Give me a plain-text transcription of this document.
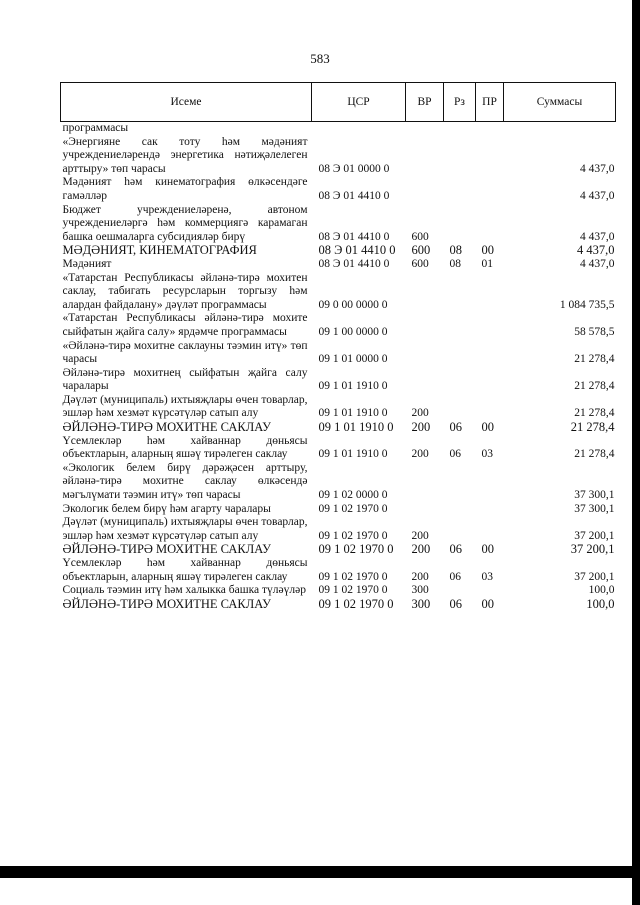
583
Исеме	ЦСР	ВР	Рз	ПР	Суммасы
программасы					
«Энергияне сак тоту һәм мәдәният учреждениеләрендә энергетика нәтиҗәлелеген арттыру» төп чарасы	08 Э 01 0000 0				4 437,0
Мәдәният һәм кинематография өлкәсендәге гамәлләр	08 Э 01 4410 0				4 437,0
Бюджет учреждениеләренә, автоном учреждениеләргә һәм коммерциягә карамаган башка оешмаларга субсидияләр бирү	08 Э 01 4410 0	600			4 437,0
МӘДӘНИЯТ, КИНЕМАТОГРАФИЯ	08 Э 01 4410 0	600	08	00	4 437,0
Мәдәният	08 Э 01 4410 0	600	08	01	4 437,0
«Татарстан Республикасы әйләнә-тирә мохитен саклау, табигать ресурсларын торгызу һәм алардан файдалану» дәүләт программасы	09 0 00 0000 0				1 084 735,5
«Татарстан Республикасы әйләнә-тирә мохите сыйфатын җайга салу» ярдәмче программасы	09 1 00 0000 0				58 578,5
«Әйләнә-тирә мохитне саклауны тәэмин итү» төп чарасы	09 1 01 0000 0				21 278,4
Әйләнә-тирә мохитнең сыйфатын җайга салу чаралары	09 1 01 1910 0				21 278,4
Дәүләт (муниципаль) ихтыяҗлары өчен товарлар, эшләр һәм хезмәт күрсәтүләр сатып алу	09 1 01 1910 0	200			21 278,4
ӘЙЛӘНӘ-ТИРӘ МОХИТНЕ САКЛАУ	09 1 01 1910 0	200	06	00	21 278,4
Үсемлекләр һәм хайваннар дөньясы объектларын, аларның яшәү тирәлеген саклау	09 1 01 1910 0	200	06	03	21 278,4
«Экологик белем бирү дәрәҗәсен арттыру, әйләнә-тирә мохитне саклау өлкәсендә мәгълүмати тәэмин итү» төп чарасы	09 1 02 0000 0				37 300,1
Экологик белем бирү һәм агарту чаралары	09 1 02 1970 0				37 300,1
Дәүләт (муниципаль) ихтыяҗлары өчен товарлар, эшләр һәм хезмәт күрсәтүләр сатып алу	09 1 02 1970 0	200			37 200,1
ӘЙЛӘНӘ-ТИРӘ МОХИТНЕ САКЛАУ	09 1 02 1970 0	200	06	00	37 200,1
Үсемлекләр һәм хайваннар дөньясы объектларын, аларның яшәү тирәлеген саклау	09 1 02 1970 0	200	06	03	37 200,1
Социаль тәэмин итү һәм халыкка башка түләүләр	09 1 02 1970 0	300			100,0
ӘЙЛӘНӘ-ТИРӘ МОХИТНЕ САКЛАУ	09 1 02 1970 0	300	06	00	100,0
